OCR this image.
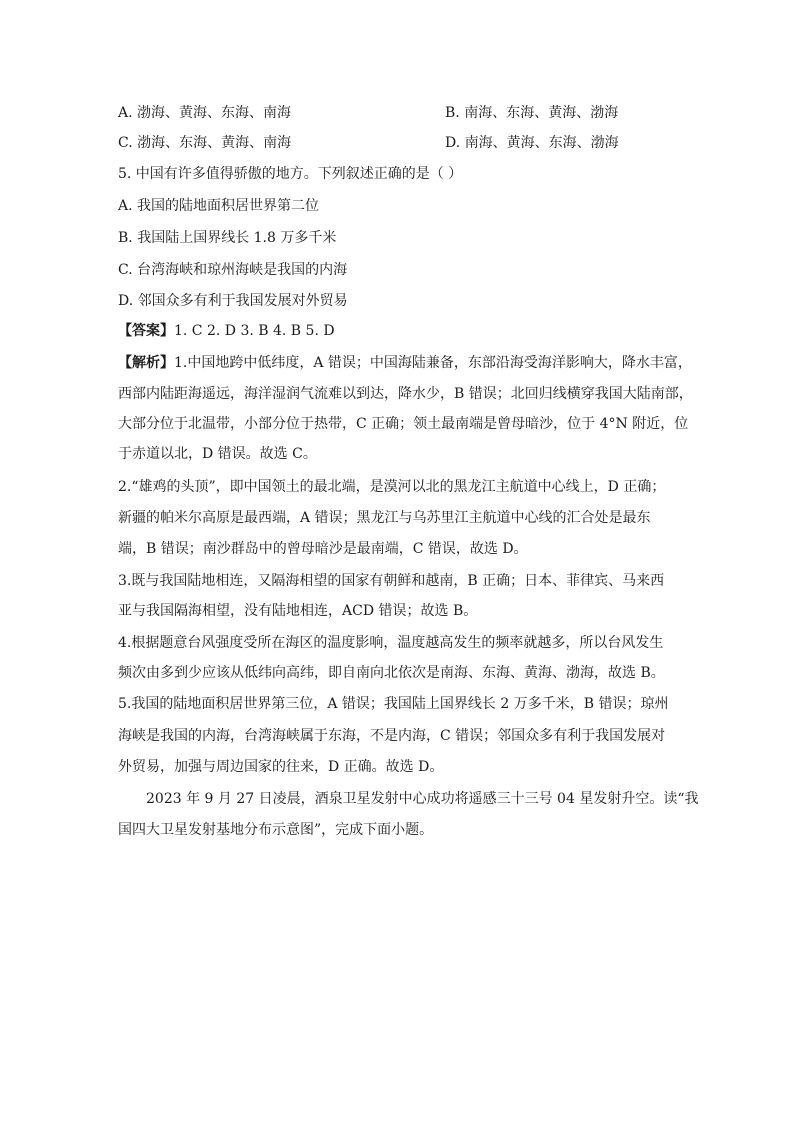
A. 渤海、黄海、东海、南海	B. 南海、东海、黄海、渤海
C. 渤海、东海、黄海、南海	D. 南海、黄海、东海、渤海
5. 中国有许多值得骄傲的地方。下列叙述正确的是（ ）
A. 我国的陆地面积居世界第二位
B. 我国陆上国界线长 1.8 万多千米
C. 台湾海峡和琼州海峡是我国的内海
D. 邻国众多有利于我国发展对外贸易
【答案】1. C 2. D 3. B 4. B 5. D
【解析】1.中国地跨中低纬度，A 错误；中国海陆兼备，东部沿海受海洋影响大，降水丰富，
西部内陆距海遥远，海洋湿润气流难以到达，降水少，B 错误；北回归线横穿我国大陆南部，
大部分位于北温带，小部分位于热带，C 正确；领土最南端是曾母暗沙，位于 4°N 附近，位
于赤道以北，D 错误。故选 C。
2.“雄鸡的头顶”，即中国领土的最北端，是漠河以北的黑龙江主航道中心线上，D 正确；
新疆的帕米尔高原是最西端，A 错误；黑龙江与乌苏里江主航道中心线的汇合处是最东
端，B 错误；南沙群岛中的曾母暗沙是最南端，C 错误，故选 D。
3.既与我国陆地相连，又隔海相望的国家有朝鲜和越南，B 正确；日本、菲律宾、马来西
亚与我国隔海相望，没有陆地相连，ACD 错误；故选 B。
4.根据题意台风强度受所在海区的温度影响，温度越高发生的频率就越多，所以台风发生
频次由多到少应该从低纬向高纬，即自南向北依次是南海、东海、黄海、渤海，故选 B。
5.我国的陆地面积居世界第三位，A 错误；我国陆上国界线长 2 万多千米，B 错误；琼州
海峡是我国的内海，台湾海峡属于东海，不是内海，C 错误；邻国众多有利于我国发展对
外贸易，加强与周边国家的往来，D 正确。故选 D。
2023 年 9 月 27 日凌晨，酒泉卫星发射中心成功将遥感三十三号 04 星发射升空。读“我
国四大卫星发射基地分布示意图”，完成下面小题。
